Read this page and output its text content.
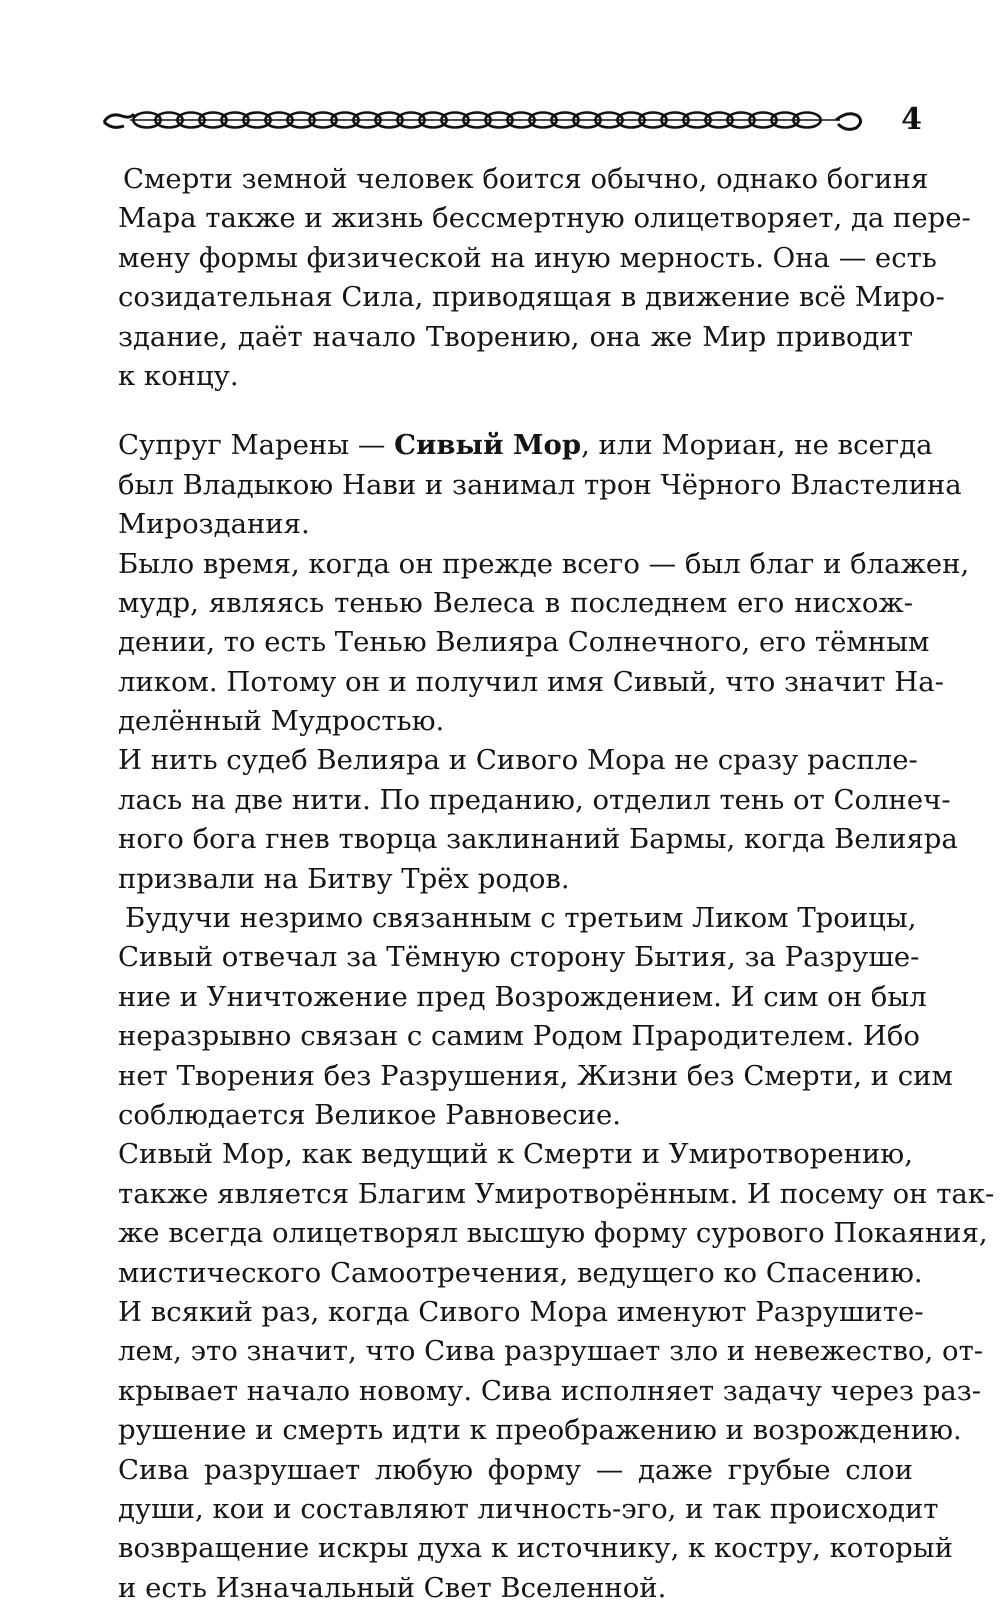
4
Смерти земной человек боится обычно, однако богиня
Мара также и жизнь бессмертную олицетворяет, да пере-
мену формы физической на иную мерность. Она — есть
созидательная Сила, приводящая в движение всё Миро-
здание, даёт начало Творению, она же Мир приводит
к концу.
Супруг Марены — Сивый Мор, или Мориан, не всегда
был Владыкою Нави и занимал трон Чёрного Властелина
Мироздания.
Было время, когда он прежде всего — был благ и блажен,
мудр, являясь тенью Велеса в последнем его нисхож-
дении, то есть Тенью Велияра Солнечного, его тёмным
ликом. Потому он и получил имя Сивый, что значит На-
делённый Мудростью.
И нить судеб Велияра и Сивого Мора не сразу распле-
лась на две нити. По преданию, отделил тень от Солнеч-
ного бога гнев творца заклинаний Бармы, когда Велияра
призвали на Битву Трёх родов.
Будучи незримо связанным с третьим Ликом Троицы,
Сивый отвечал за Тёмную сторону Бытия, за Разруше-
ние и Уничтожение пред Возрождением. И сим он был
неразрывно связан с самим Родом Прародителем. Ибо
нет Творения без Разрушения, Жизни без Смерти, и сим
соблюдается Великое Равновесие.
Сивый Мор, как ведущий к Смерти и Умиротворению,
также является Благим Умиротворённым. И посему он так-
же всегда олицетворял высшую форму сурового Покаяния,
мистического Самоотречения, ведущего ко Спасению.
И всякий раз, когда Сивого Мора именуют Разрушите-
лем, это значит, что Сива разрушает зло и невежество, от-
крывает начало новому. Сива исполняет задачу через раз-
рушение и смерть идти к преображению и возрождению.
Сива разрушает любую форму — даже грубые слои
души, кои и составляют личность-эго, и так происходит
возвращение искры духа к источнику, к костру, который
и есть Изначальный Свет Вселенной.
